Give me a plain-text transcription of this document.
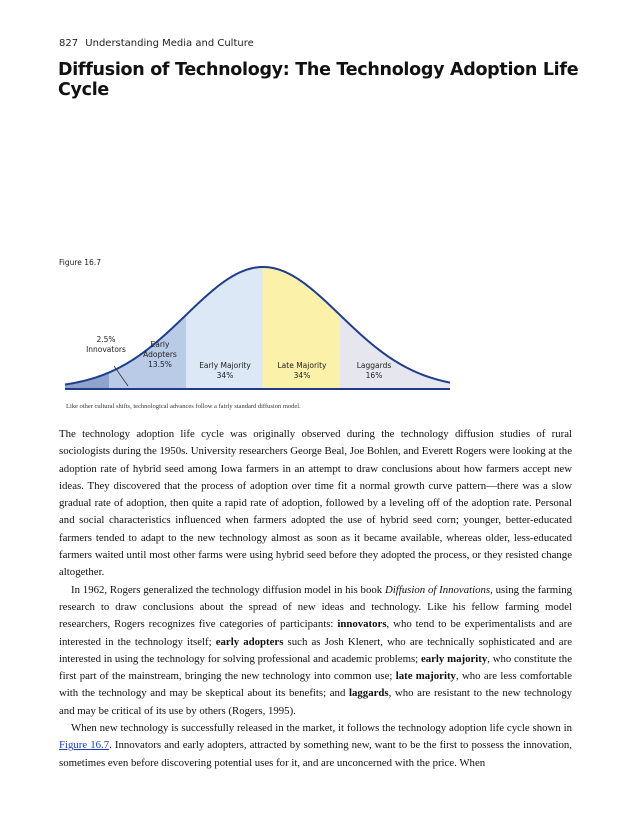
827 Understanding Media and Culture
Diffusion of Technology: The Technology Adoption Life Cycle
Figure 16.7
2.5%
Innovators
Early
Adopters
13.5%	Early Majority
34%
Late Majority
34%
Laggards
16%
Like other cultural shifts, technological advances follow a fairly standard diffusion model.

The technology adoption life cycle was originally observed during the technology diffusion studies of rural sociologists during the 1950s. University researchers George Beal, Joe Bohlen, and Everett Rogers were looking at the adoption rate of hybrid seed among Iowa farmers in an attempt to draw conclusions about how farmers accept new ideas. They discovered that the process of adoption over time fit a normal growth curve pattern—there was a slow gradual rate of adoption, then quite a rapid rate of adoption, followed by a leveling off of the adoption rate. Personal and social characteristics influenced when farmers adopted the use of hybrid seed corn; younger, better-educated farmers tended to adapt to the new technology almost as soon as it became available, whereas older, less-educated farmers waited until most other farms were using hybrid seed before they adopted the process, or they resisted change altogether.

In 1962, Rogers generalized the technology diffusion model in his book Diffusion of Innovations, using the farming research to draw conclusions about the spread of new ideas and technology. Like his fellow farming model researchers, Rogers recognizes five categories of participants: innovators, who tend to be experimentalists and are interested in the technology itself; early adopters such as Josh Klenert, who are technically sophisticated and are interested in using the technology for solving professional and academic problems; early majority, who constitute the first part of the mainstream, bringing the new technology into common use; late majority, who are less comfortable with the technology and may be skeptical about its benefits; and laggards, who are resistant to the new technology and may be critical of its use by others (Rogers, 1995).

When new technology is successfully released in the market, it follows the technology adoption life cycle shown in Figure 16.7. Innovators and early adopters, attracted by something new, want to be the first to possess the innovation, sometimes even before discovering potential uses for it, and are unconcerned with the price. When
